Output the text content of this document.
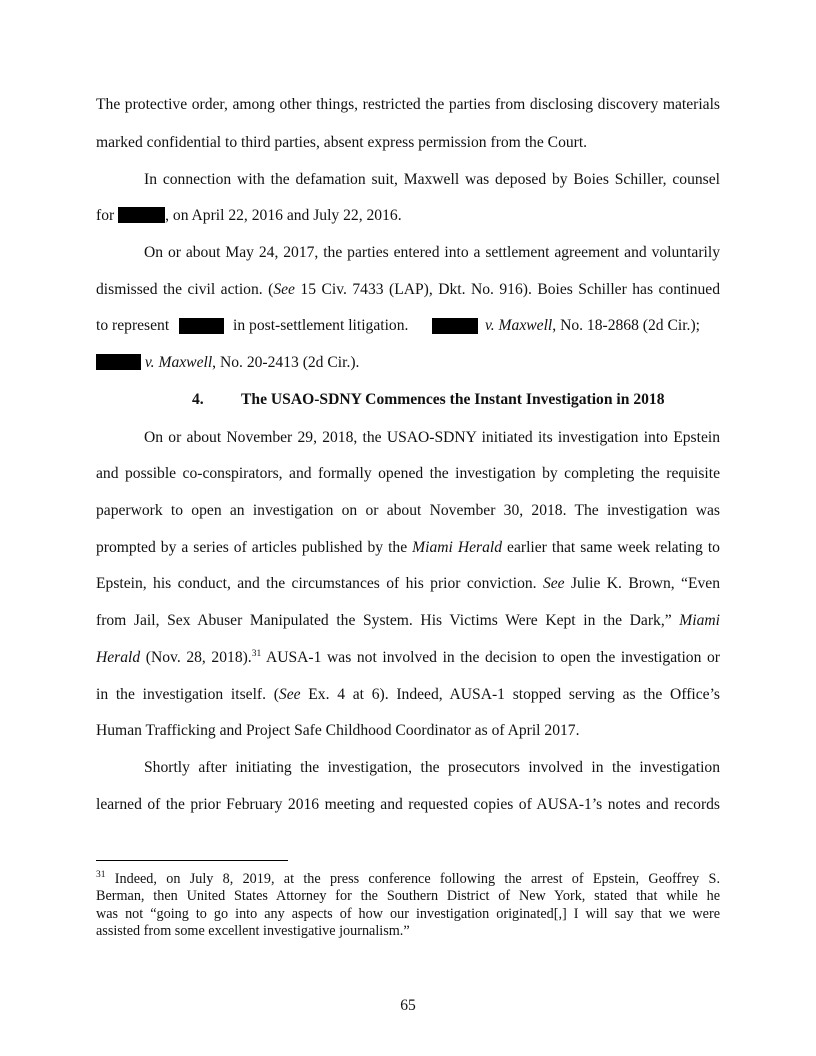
The protective order, among other things, restricted the parties from disclosing discovery materials
marked confidential to third parties, absent express permission from the Court.
In connection with the defamation suit, Maxwell was deposed by Boies Schiller, counsel
for	, on April 22, 2016 and July 22, 2016.
On or about May 24, 2017, the parties entered into a settlement agreement and voluntarily
dismissed the civil action. (See 15 Civ. 7433 (LAP), Dkt. No. 916). Boies Schiller has continued
to represent	in post-settlement litigation.	v. Maxwell, No. 18-2868 (2d Cir.);
v. Maxwell, No. 20-2413 (2d Cir.).
4. The USAO-SDNY Commences the Instant Investigation in 2018
On or about November 29, 2018, the USAO-SDNY initiated its investigation into Epstein
and possible co-conspirators, and formally opened the investigation by completing the requisite
paperwork to open an investigation on or about November 30, 2018. The investigation was
prompted by a series of articles published by the Miami Herald earlier that same week relating to
Epstein, his conduct, and the circumstances of his prior conviction. See Julie K. Brown, “Even
from Jail, Sex Abuser Manipulated the System. His Victims Were Kept in the Dark,” Miami
Herald (Nov. 28, 2018).$^{31}$ AUSA-1 was not involved in the decision to open the investigation or
in the investigation itself. (See Ex. 4 at 6). Indeed, AUSA-1 stopped serving as the Office’s
Human Trafficking and Project Safe Childhood Coordinator as of April 2017.
Shortly after initiating the investigation, the prosecutors involved in the investigation
learned of the prior February 2016 meeting and requested copies of AUSA-1’s notes and records
$^{31}$ Indeed, on July 8, 2019, at the press conference following the arrest of Epstein, Geoffrey S.
Berman, then United States Attorney for the Southern District of New York, stated that while he
was not “going to go into any aspects of how our investigation originated[,] I will say that we were
assisted from some excellent investigative journalism.”
65
